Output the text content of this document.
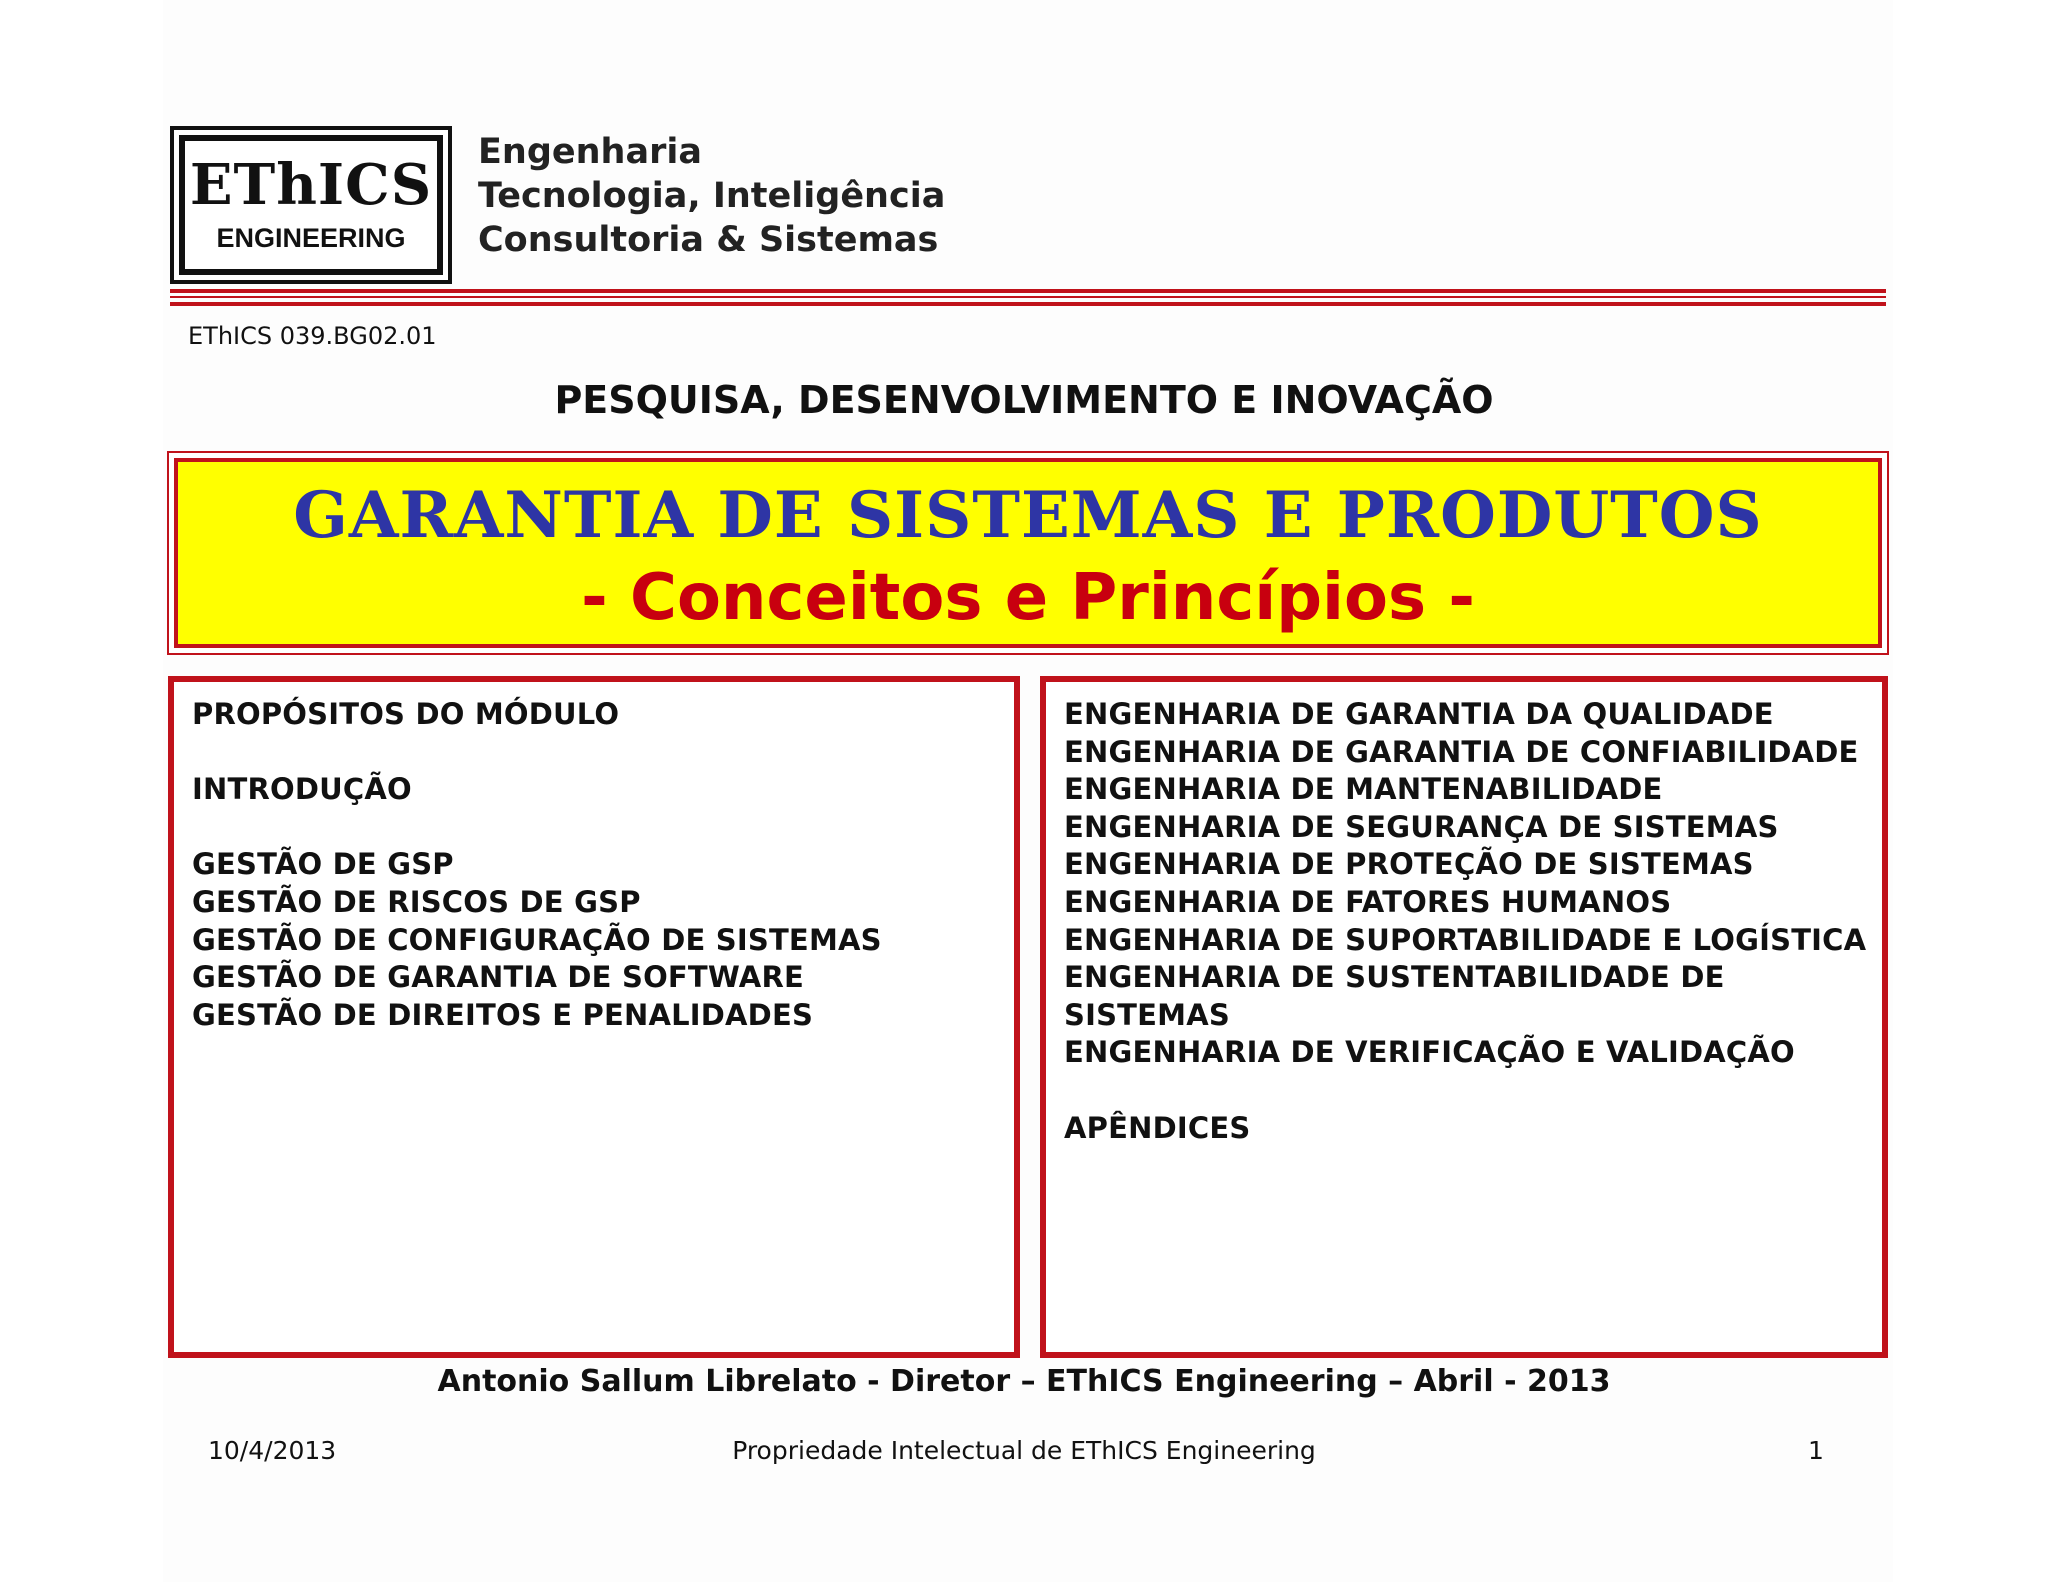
EThICS
ENGINEERING
Engenharia
Tecnologia, Inteligência
Consultoria & Sistemas
EThICS 039.BG02.01
PESQUISA, DESENVOLVIMENTO E INOVAÇÃO
GARANTIA DE SISTEMAS E PRODUTOS
- Conceitos e Princípios -
PROPÓSITOS DO MÓDULO
INTRODUÇÃO
GESTÃO DE GSP
GESTÃO DE RISCOS DE GSP
GESTÃO DE CONFIGURAÇÃO DE SISTEMAS
GESTÃO DE GARANTIA DE SOFTWARE
GESTÃO DE DIREITOS E PENALIDADES
ENGENHARIA DE GARANTIA DA QUALIDADE
ENGENHARIA DE GARANTIA DE CONFIABILIDADE
ENGENHARIA DE MANTENABILIDADE
ENGENHARIA DE SEGURANÇA DE SISTEMAS
ENGENHARIA DE PROTEÇÃO DE SISTEMAS
ENGENHARIA DE FATORES HUMANOS
ENGENHARIA DE SUPORTABILIDADE E LOGÍSTICA
ENGENHARIA DE SUSTENTABILIDADE DE
SISTEMAS
ENGENHARIA DE VERIFICAÇÃO E VALIDAÇÃO
APÊNDICES
Antonio Sallum Librelato - Diretor – EThICS Engineering – Abril - 2013
10/4/2013	Propriedade Intelectual de EThICS Engineering	1
